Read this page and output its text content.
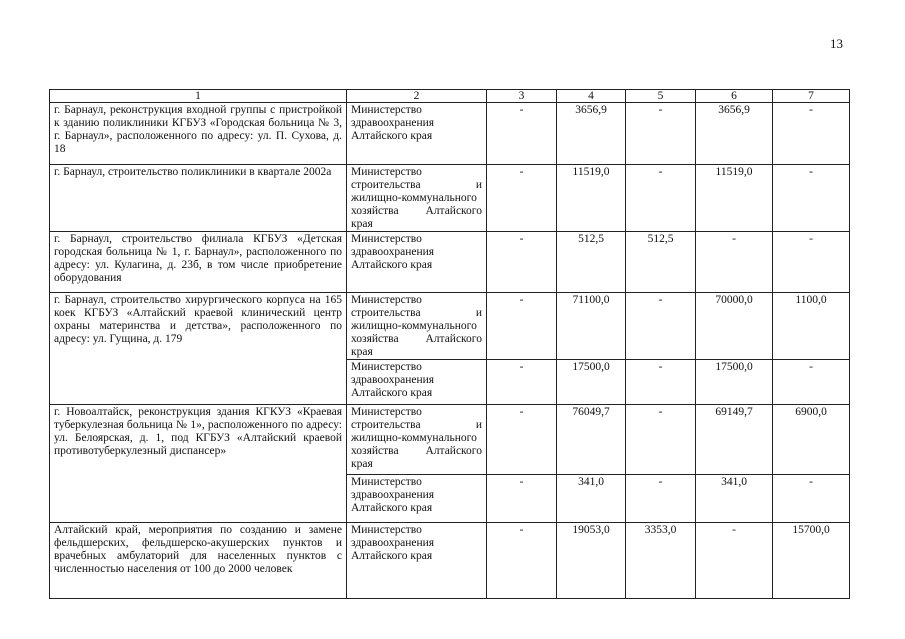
13
1	2	3	4	5	6	7
г. Барнаул, реконструкция входной группы с пристройкой к зданию поликлиники КГБУЗ «Городская больница № 3, г. Барнаул», расположенного по адресу: ул. П. Сухова, д. 18	Министерство здравоохранения Алтайского края	-	3656,9	-	3656,9	-
г. Барнаул, строительство поликлиники в квартале 2002а	Министерство строительства и жилищно-коммунального хозяйства Алтайского края	-	11519,0	-	11519,0	-
г. Барнаул, строительство филиала КГБУЗ «Детская городская больница № 1, г. Барнаул», расположенного по адресу: ул. Кулагина, д. 23б, в том числе приобретение оборудования	Министерство здравоохранения Алтайского края	-	512,5	512,5	-	-
г. Барнаул, строительство хирургического корпуса на 165 коек КГБУЗ «Алтайский краевой клинический центр охраны материнства и детства», расположенного по адресу: ул. Гущина, д. 179	Министерство строительства и жилищно-коммунального хозяйства Алтайского края	-	71100,0	-	70000,0	1100,0
	Министерство здравоохранения Алтайского края	-	17500,0	-	17500,0	-
г. Новоалтайск, реконструкция здания КГКУЗ «Краевая туберкулезная больница № 1», расположенного по адресу: ул. Белоярская, д. 1, под КГБУЗ «Алтайский краевой противотуберкулезный диспансер»	Министерство строительства и жилищно-коммунального хозяйства Алтайского края	-	76049,7	-	69149,7	6900,0
	Министерство здравоохранения Алтайского края	-	341,0	-	341,0	-
Алтайский край, мероприятия по созданию и замене фельдшерских, фельдшерско-акушерских пунктов и врачебных амбулаторий для населенных пунктов с численностью населения от 100 до 2000 человек	Министерство здравоохранения Алтайского края	-	19053,0	3353,0	-	15700,0
